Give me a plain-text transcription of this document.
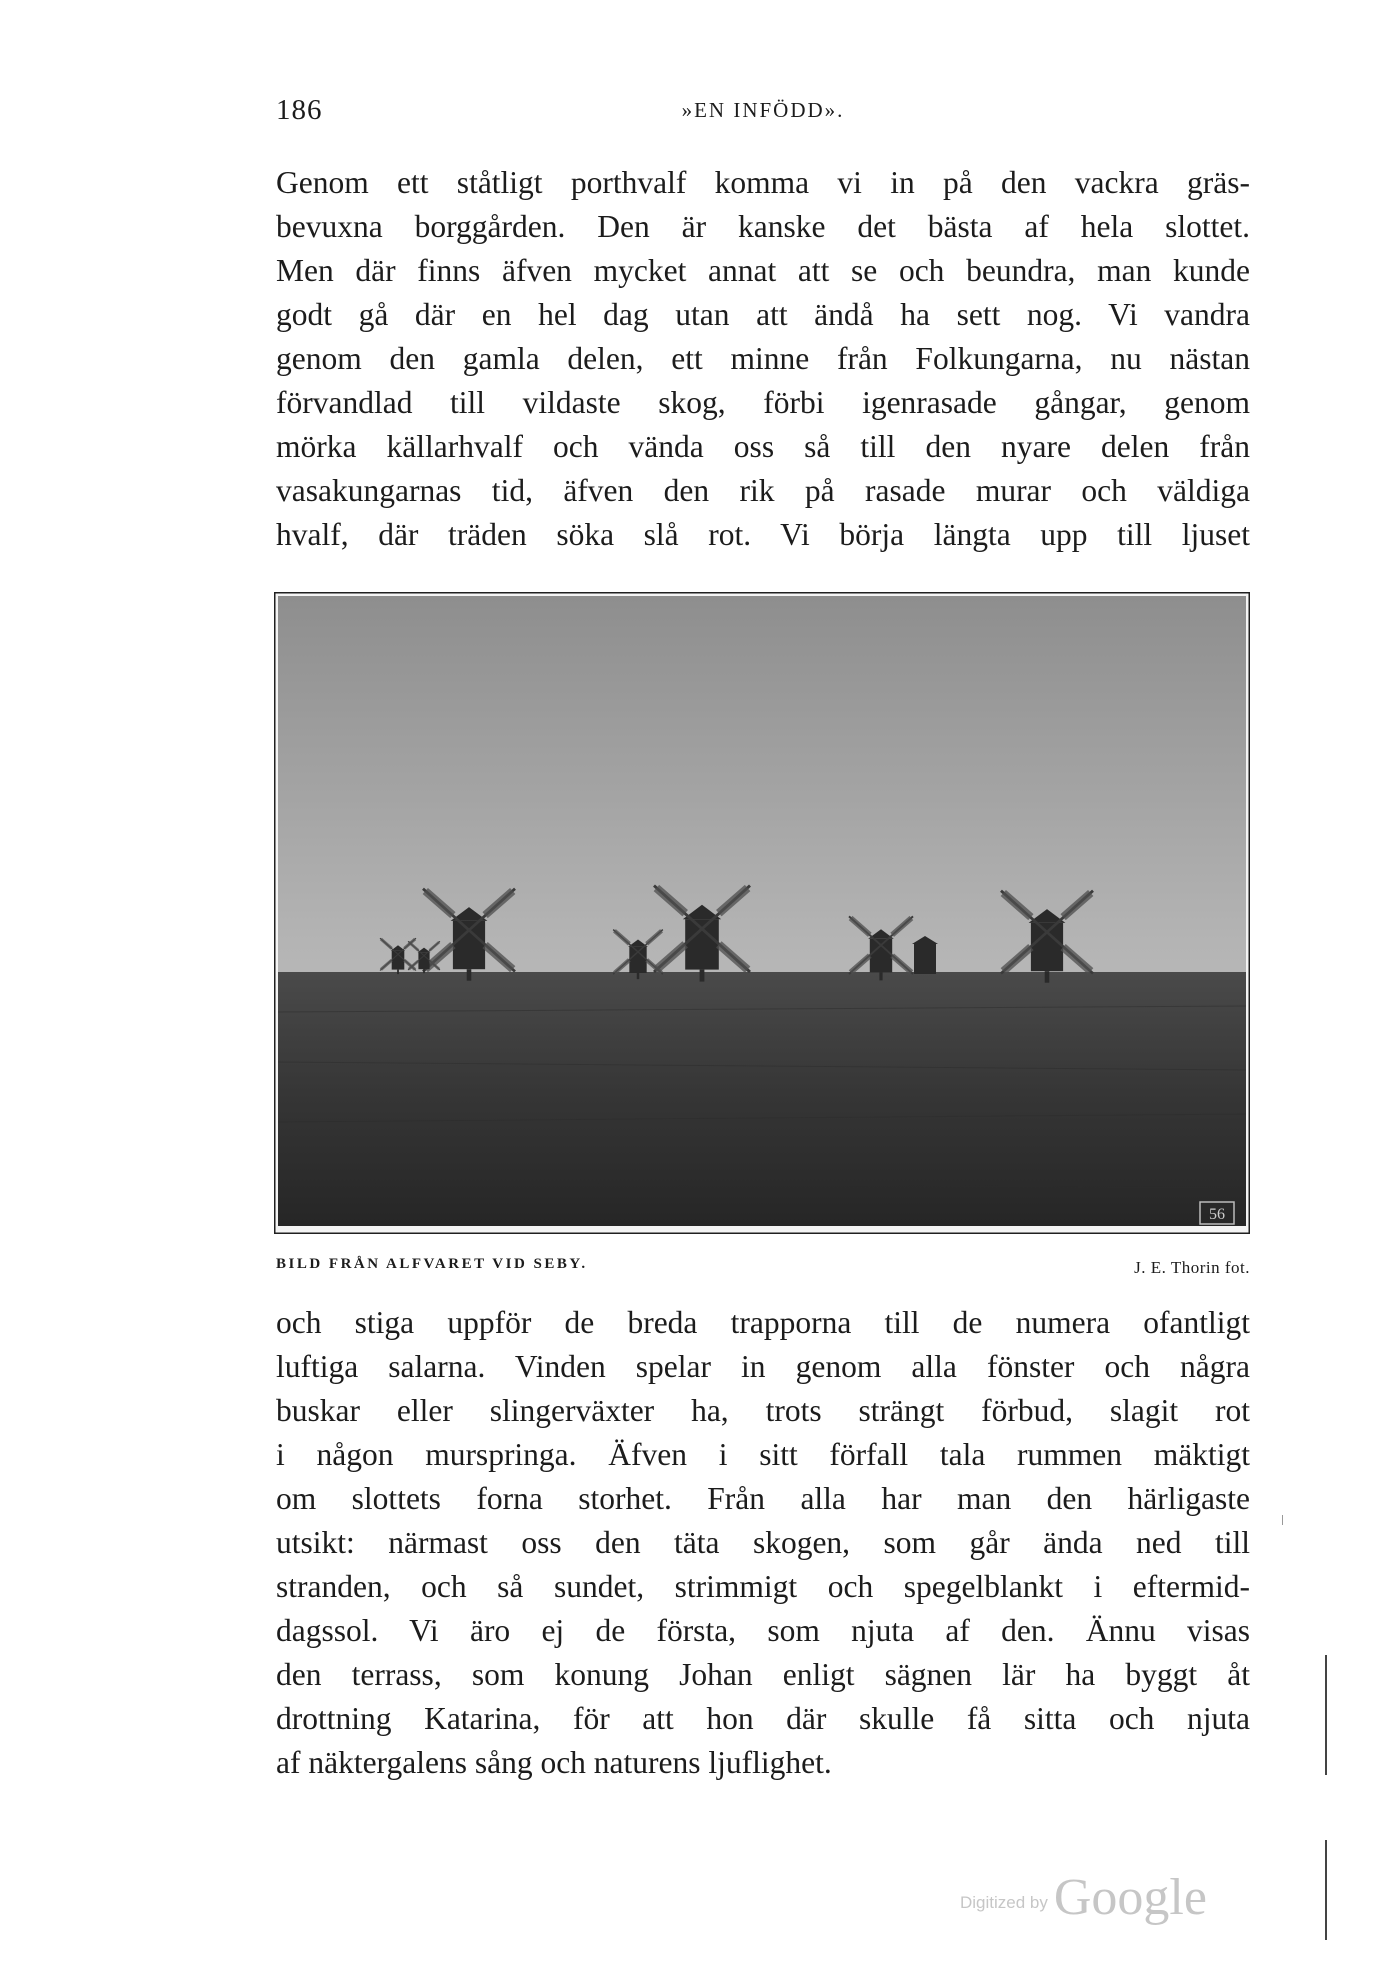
186	»EN INFÖDD».
Genom ett ståtligt porthvalf komma vi in på den vackra gräs-
bevuxna borggården. Den är kanske det bästa af hela slottet.
Men där finns äfven mycket annat att se och beundra, man kunde
godt gå där en hel dag utan att ändå ha sett nog. Vi vandra
genom den gamla delen, ett minne från Folkungarna, nu nästan
förvandlad till vildaste skog, förbi igenrasade gångar, genom
mörka källarhvalf och vända oss så till den nyare delen från
vasakungarnas tid, äfven den rik på rasade murar och väldiga
hvalf, där träden söka slå rot. Vi börja längta upp till ljuset
56
BILD FRÅN ALFVARET VID SEBY.	J. E. Thorin fot.
och stiga uppför de breda trapporna till de numera ofantligt
luftiga salarna. Vinden spelar in genom alla fönster och några
buskar eller slingerväxter ha, trots strängt förbud, slagit rot
i någon murspringa. Äfven i sitt förfall tala rummen mäktigt
om slottets forna storhet. Från alla har man den härligaste
utsikt: närmast oss den täta skogen, som går ända ned till
stranden, och så sundet, strimmigt och spegelblankt i eftermid-
dagssol. Vi äro ej de första, som njuta af den. Ännu visas
den terrass, som konung Johan enligt sägnen lär ha byggt åt
drottning Katarina, för att hon där skulle få sitta och njuta
af näktergalens sång och naturens ljuflighet.
Digitized by Google
